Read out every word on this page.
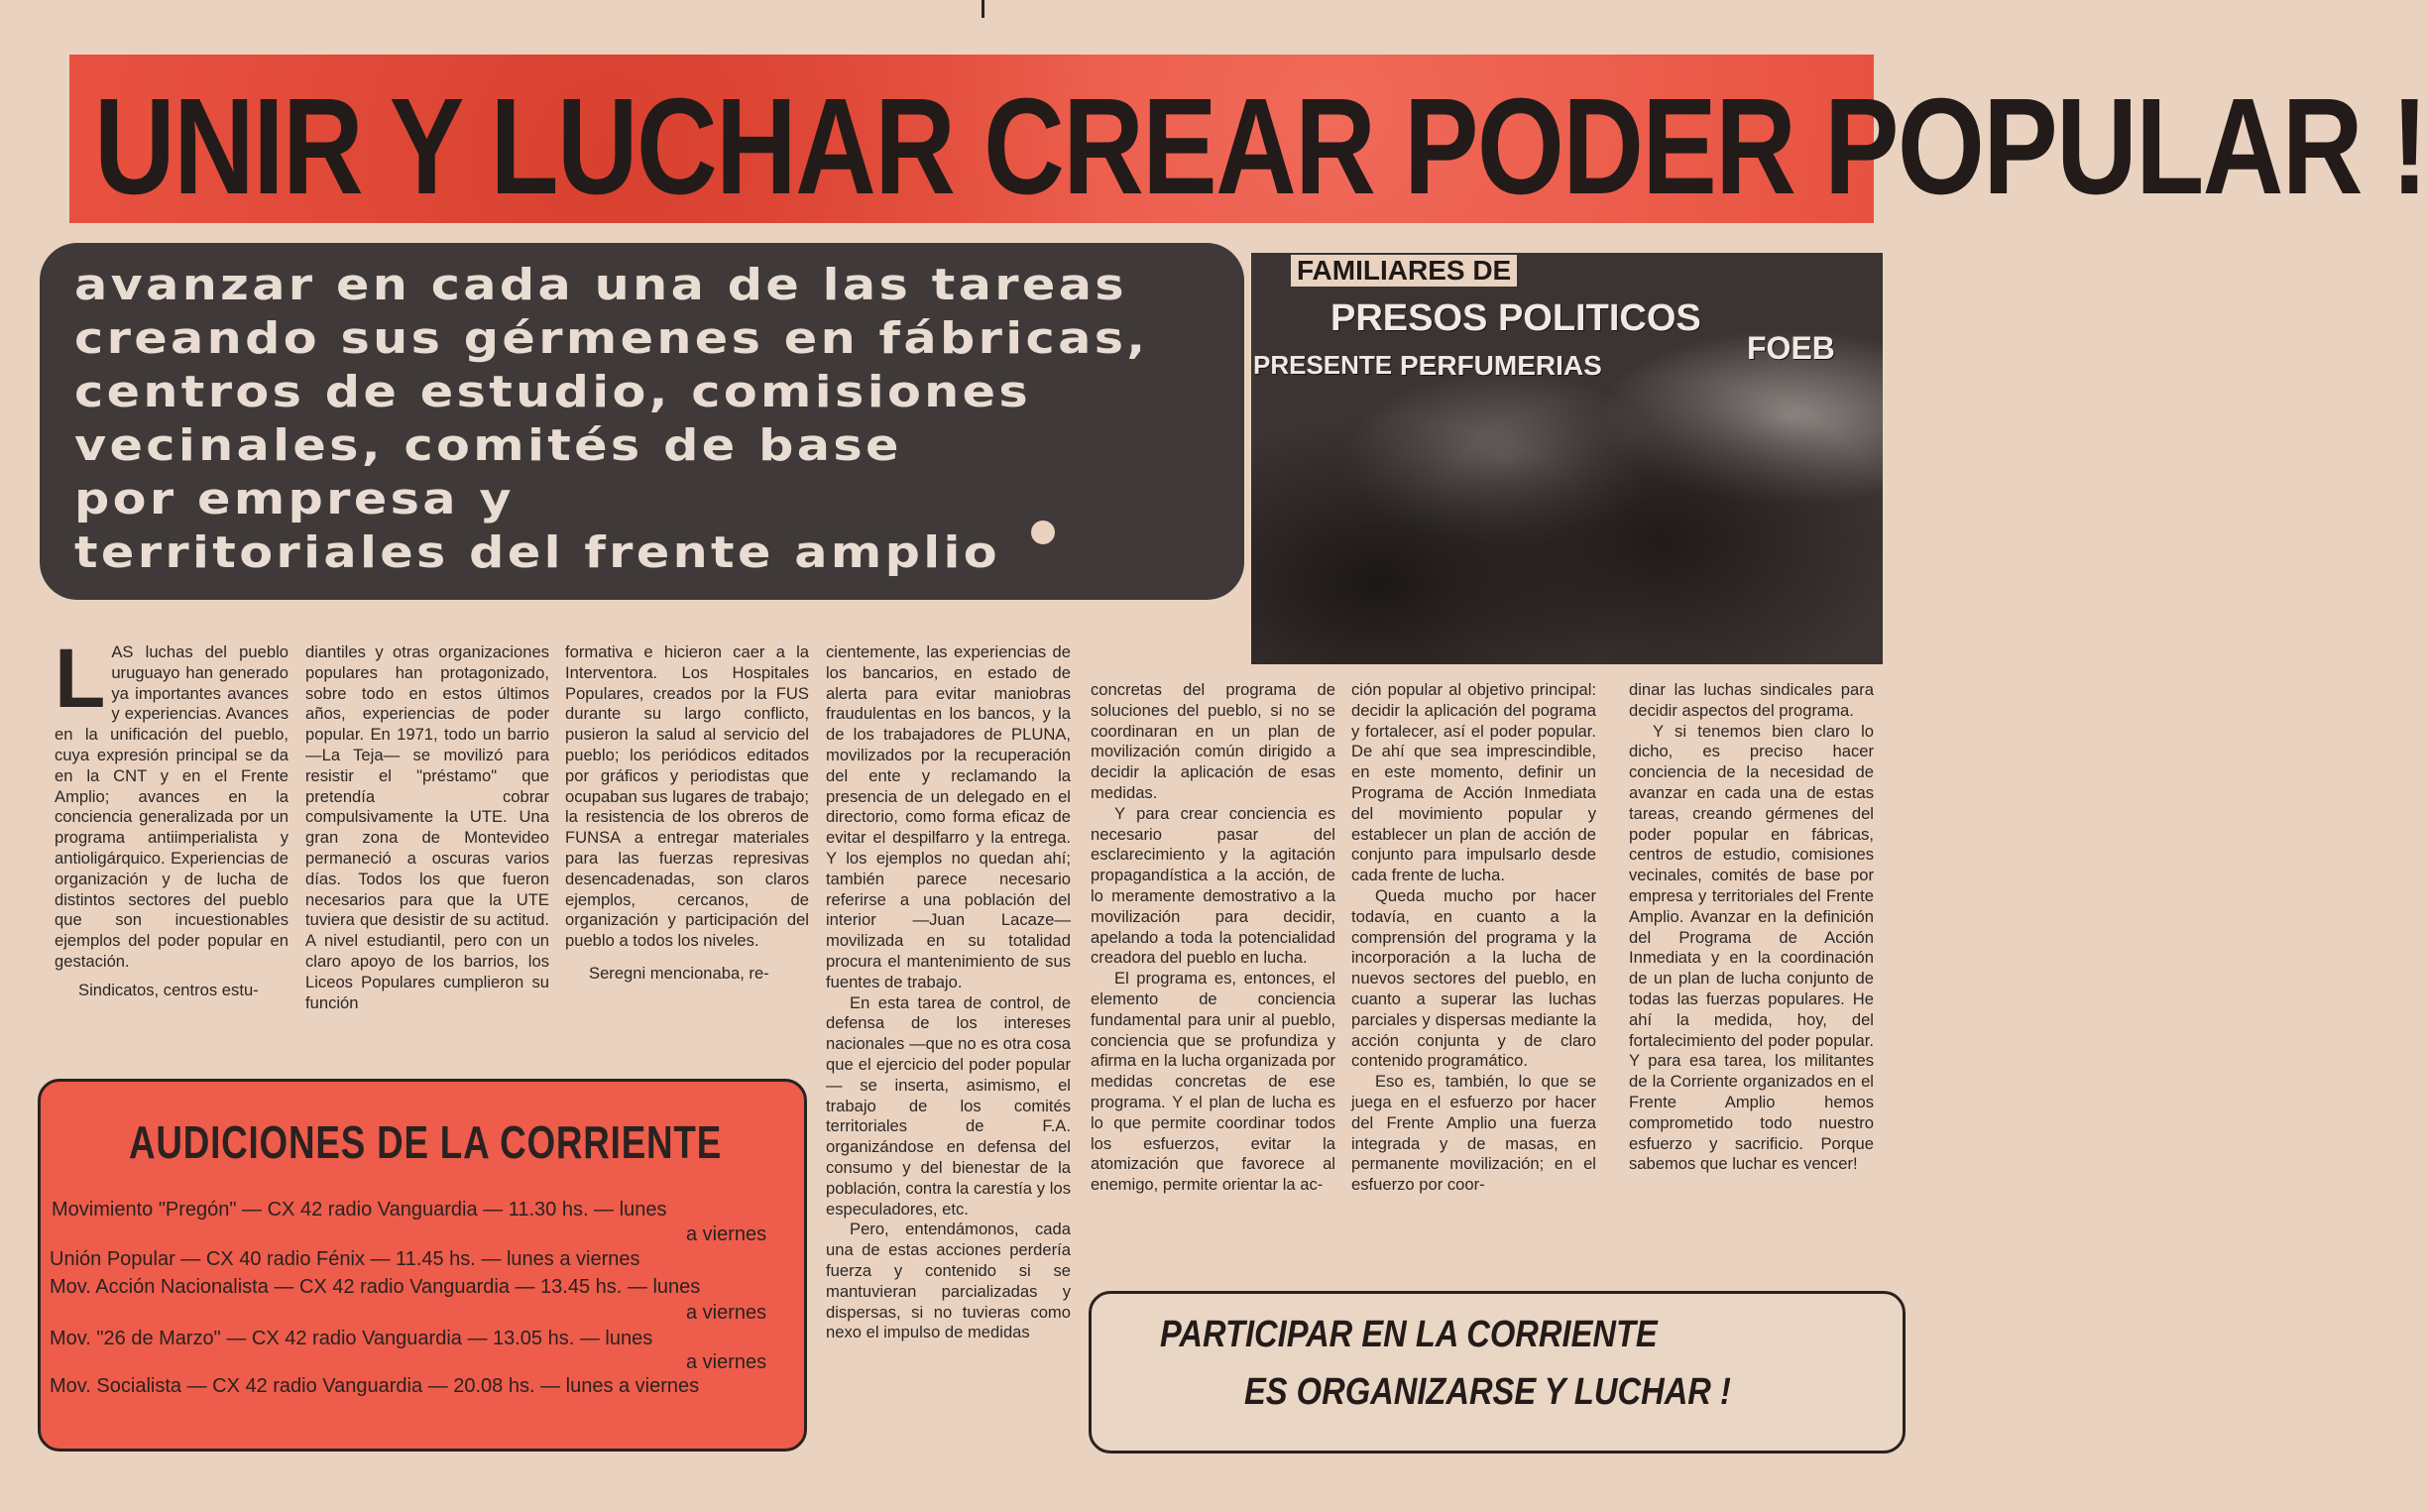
UNIR Y LUCHAR CREAR PODER POPULAR !
avanzar en cada una de las tareas
creando sus gérmenes en fábricas,
centros de estudio, comisiones
vecinales, comités de base
por empresa y
territoriales del frente amplio
FAMILIARES DE
PRESOS POLITICOS
PRESENTE PERFUMERIAS	FOEB

LAS luchas del pueblo uruguayo han generado ya importantes avances y experiencias. Avances en la unificación del pueblo, cuya expresión principal se da en la CNT y en el Frente Amplio; avances en la conciencia generalizada por un programa antiimperialista y antioligárquico. Experiencias de organización y de lucha de distintos sectores del pueblo que son incuestionables ejemplos del poder popular en gestación.

Sindicatos, centros estu-

diantiles y otras organizaciones populares han protagonizado, sobre todo en estos últimos años, experiencias de poder popular. En 1971, todo un barrio —La Teja— se movilizó para resistir el "préstamo" que pretendía cobrar compulsivamente la UTE. Una gran zona de Montevideo permaneció a oscuras varios días. Todos los que fueron necesarios para que la UTE tuviera que desistir de su actitud. A nivel estudiantil, pero con un claro apoyo de los barrios, los Liceos Populares cumplieron su función

formativa e hicieron caer a la Interventora. Los Hospitales Populares, creados por la FUS durante su largo conflicto, pusieron la salud al servicio del pueblo; los periódicos editados por gráficos y periodistas que ocupaban sus lugares de trabajo; la resistencia de los obreros de FUNSA a entregar materiales para las fuerzas represivas desencadenadas, son claros ejemplos, cercanos, de organización y participación del pueblo a todos los niveles.

Seregni mencionaba, re-

cientemente, las experiencias de los bancarios, en estado de alerta para evitar maniobras fraudulentas en los bancos, y la de los trabajadores de PLUNA, movilizados por la recuperación del ente y reclamando la presencia de un delegado en el directorio, como forma eficaz de evitar el despilfarro y la entrega. Y los ejemplos no quedan ahí; también parece necesario referirse a una población del interior —Juan Lacaze— movilizada en su totalidad procura el mantenimiento de sus fuentes de trabajo.

En esta tarea de control, de defensa de los intereses nacionales —que no es otra cosa que el ejercicio del poder popular— se inserta, asimismo, el trabajo de los comités territoriales de F.A. organizándose en defensa del consumo y del bienestar de la población, contra la carestía y los especuladores, etc.

Pero, entendámonos, cada una de estas acciones perdería fuerza y contenido si se mantuvieran parcializadas y dispersas, si no tuvieras como nexo el impulso de medidas

concretas del programa de soluciones del pueblo, si no se coordinaran en un plan de movilización común dirigido a decidir la aplicación de esas medidas.

Y para crear conciencia es necesario pasar del esclarecimiento y la agitación propagandística a la acción, de lo meramente demostrativo a la movilización para decidir, apelando a toda la potencialidad creadora del pueblo en lucha.

El programa es, entonces, el elemento de conciencia fundamental para unir al pueblo, conciencia que se profundiza y afirma en la lucha organizada por medidas concretas de ese programa. Y el plan de lucha es lo que permite coordinar todos los esfuerzos, evitar la atomización que favorece al enemigo, permite orientar la ac-

ción popular al objetivo principal: decidir la aplicación del pograma y fortalecer, así el poder popular. De ahí que sea imprescindible, en este momento, definir un Programa de Acción Inmediata del movimiento popular y establecer un plan de acción de conjunto para impulsarlo desde cada frente de lucha.

Queda mucho por hacer todavía, en cuanto a la comprensión del programa y la incorporación a la lucha de nuevos sectores del pueblo, en cuanto a superar las luchas parciales y dispersas mediante la acción conjunta y de claro contenido programático.

Eso es, también, lo que se juega en el esfuerzo por hacer del Frente Amplio una fuerza integrada y de masas, en permanente movilización; en el esfuerzo por coor-

dinar las luchas sindicales para decidir aspectos del programa.

Y si tenemos bien claro lo dicho, es preciso hacer conciencia de la necesidad de avanzar en cada una de estas tareas, creando gérmenes del poder popular en fábricas, centros de estudio, comisiones vecinales, comités de base por empresa y territoriales del Frente Amplio. Avanzar en la definición del Programa de Acción Inmediata y en la coordinación de un plan de lucha conjunto de todas las fuerzas populares. He ahí la medida, hoy, del fortalecimiento del poder popular. Y para esa tarea, los militantes de la Corriente organizados en el Frente Amplio hemos comprometido todo nuestro esfuerzo y sacrificio. Porque sabemos que luchar es vencer!

AUDICIONES DE LA CORRIENTE
Movimiento "Pregón" — CX 42 radio Vanguardia — 11.30 hs. — lunes
a viernes
Unión Popular — CX 40 radio Fénix — 11.45 hs. — lunes a viernes
Mov. Acción Nacionalista — CX 42 radio Vanguardia — 13.45 hs. — lunes
a viernes
Mov. "26 de Marzo" — CX 42 radio Vanguardia — 13.05 hs. — lunes
a viernes
Mov. Socialista — CX 42 radio Vanguardia — 20.08 hs. — lunes a viernes
PARTICIPAR EN LA CORRIENTE
ES ORGANIZARSE Y LUCHAR !
